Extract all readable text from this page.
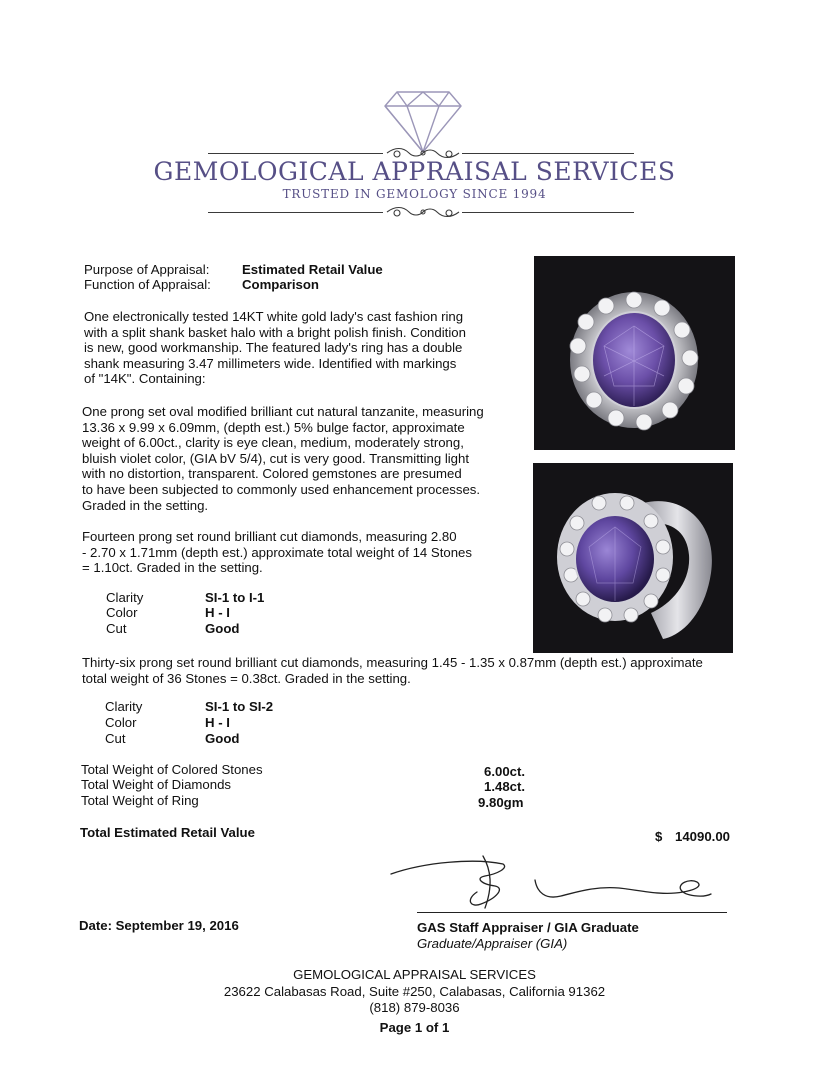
GEMOLOGICAL APPRAISAL SERVICES
TRUSTED IN GEMOLOGY SINCE 1994
Purpose of Appraisal: Estimated Retail Value
Function of Appraisal: Comparison
One electronically tested 14KT white gold lady's cast fashion ring
with a split shank basket halo with a bright polish finish. Condition
is new, good workmanship. The featured lady's ring has a double
shank measuring 3.47 millimeters wide. Identified with markings
of "14K". Containing:
One prong set oval modified brilliant cut natural tanzanite, measuring
13.36 x 9.99 x 6.09mm, (depth est.) 5% bulge factor, approximate
weight of 6.00ct., clarity is eye clean, medium, moderately strong,
bluish violet color, (GIA bV 5/4), cut is very good. Transmitting light
with no distortion, transparent. Colored gemstones are presumed
to have been subjected to commonly used enhancement processes.
Graded in the setting.
Fourteen prong set round brilliant cut diamonds, measuring 2.80
- 2.70 x 1.71mm (depth est.) approximate total weight of 14 Stones
= 1.10ct. Graded in the setting.
Clarity	SI-1 to I-1
Color	H - I
Cut	Good
Thirty-six prong set round brilliant cut diamonds, measuring 1.45 - 1.35 x 0.87mm (depth est.) approximate
total weight of 36 Stones = 0.38ct. Graded in the setting.
Clarity	SI-1 to SI-2
Color	H - I
Cut	Good
Total Weight of Colored Stones	6.00ct.
Total Weight of Diamonds	1.48ct.
Total Weight of Ring	9.80gm
Total Estimated Retail Value	$ 14090.00
Date: September 19, 2016	GAS Staff Appraiser / GIA Graduate
Graduate/Appraiser (GIA)
GEMOLOGICAL APPRAISAL SERVICES
23622 Calabasas Road, Suite #250, Calabasas, California 91362
(818) 879-8036
Page 1 of 1
